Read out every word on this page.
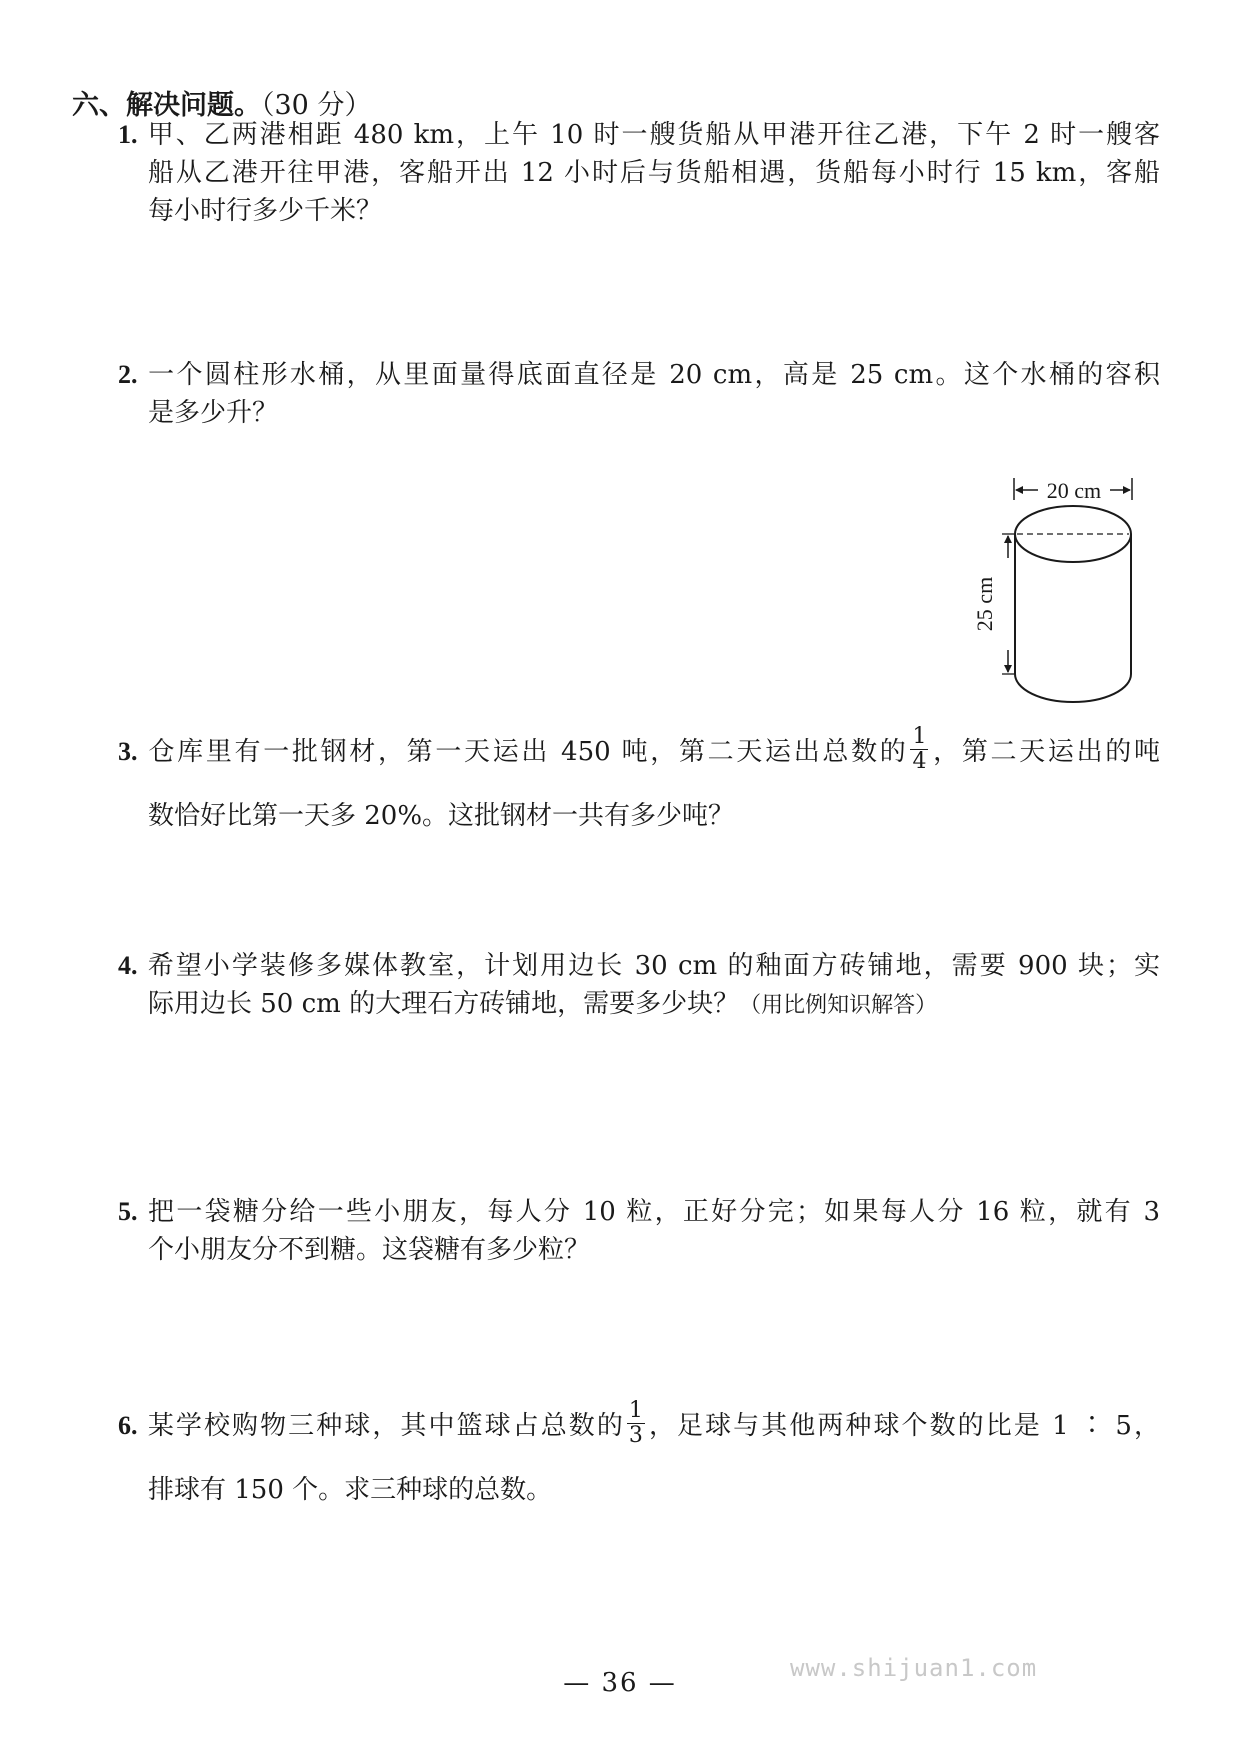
六、解决问题。（30 分）
1. 甲、乙两港相距 480 km，上午 10 时一艘货船从甲港开往乙港，下午 2 时一艘客
船从乙港开往甲港，客船开出 12 小时后与货船相遇，货船每小时行 15 km，客船
每小时行多少千米？
2. 一个圆柱形水桶，从里面量得底面直径是 20 cm，高是 25 cm。这个水桶的容积
是多少升？
20 cm
25 cm
3. 仓库里有一批钢材，第一天运出 450 吨，第二天运出总数的 $\frac{1}{4}$ ，第二天运出的吨
数恰好比第一天多 20%。这批钢材一共有多少吨？
4. 希望小学装修多媒体教室，计划用边长 30 cm 的釉面方砖铺地，需要 900 块；实
际用边长 50 cm 的大理石方砖铺地，需要多少块？（用比例知识解答）
5. 把一袋糖分给一些小朋友，每人分 10 粒，正好分完；如果每人分 16 粒，就有 3
个小朋友分不到糖。这袋糖有多少粒？
6. 某学校购物三种球，其中篮球占总数的 $\frac{1}{3}$ ，足球与其他两种球个数的比是 1 ∶ 5，
排球有 150 个。求三种球的总数。
— 36 —	www.shijuan1.com
